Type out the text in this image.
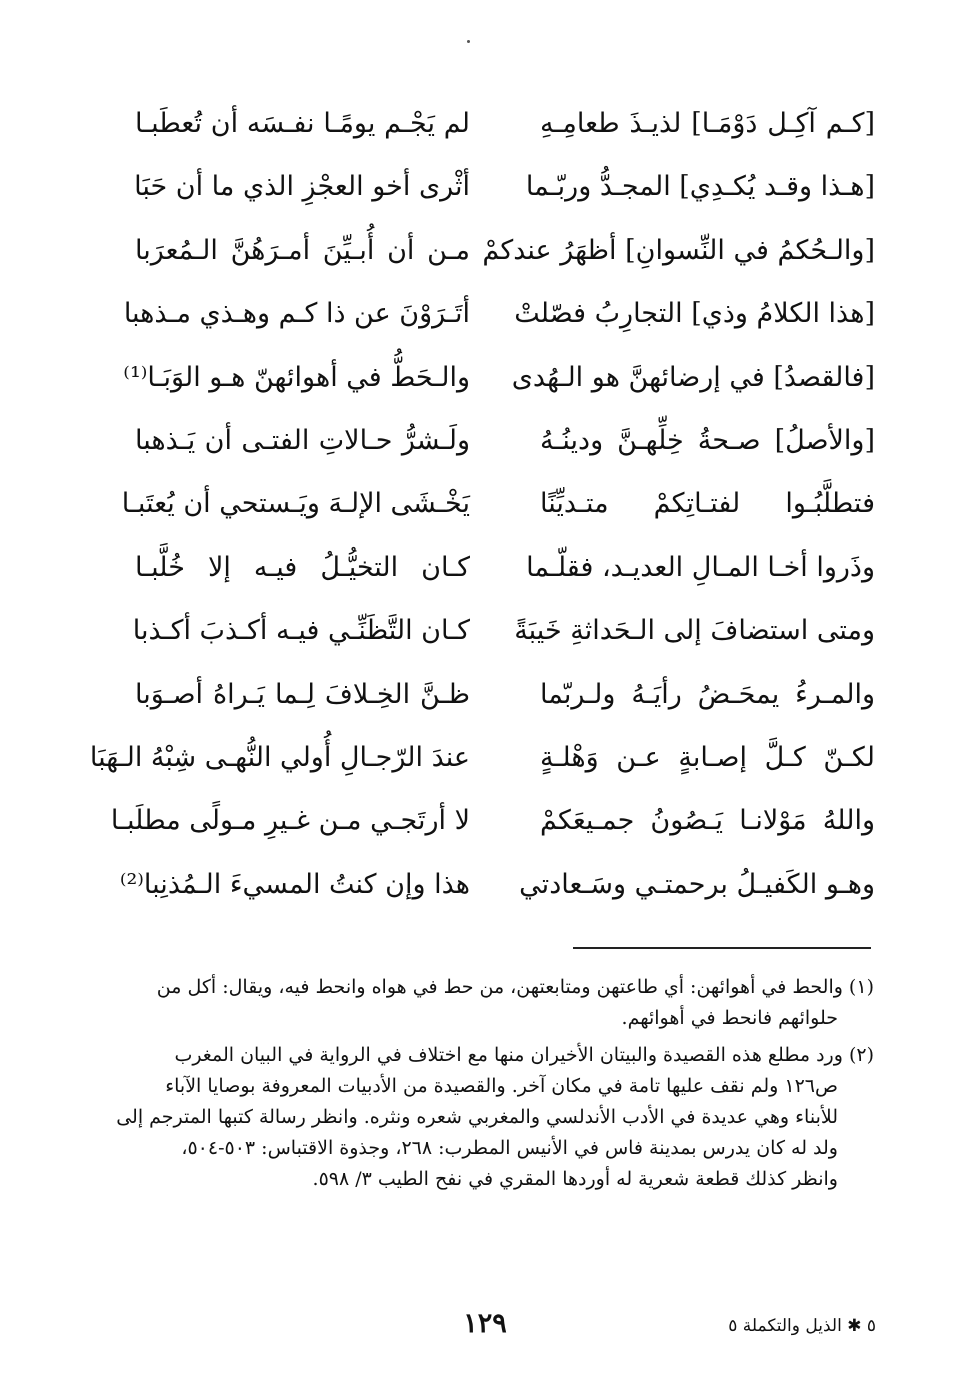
[كـم آكِـل دَوْمَـا] لذيـذَ طعامِـهِ
لم يَجْـم يومًـا نفـسَه أن تُعطَبـا
[هـذا وقـد يُكـدِي] المجـدُّ وربّـما
أثْرى أخو العجْزِ الذي ما أن حَبَا
[والـحُكمُ في النِّسوانِ] أظهَرُ عندكمْ
مـن أن أُبـيِّنَ أمـرَهُنَّ الـمُعرَبا
[هذا الكلامُ وذي] التجارِبُ فصّلتْ
أتَـرَوْنَ عن ذا كـم وهـذي مـذهبا
[فالقصدُ] في إرضائهنَّ هو الـهُدى
والـحَطُّ في أهوائهنّ هـو الوَبَـا⁽¹⁾
[والأصلُ] صـحةُ خِلِّهـنَّ ودينُـهُ
ولَـشرُّ حـالاتِ الفتـى أن يَـذهبا
فتطلَّبُـوا لفتـاتِكمْ متـديِّنًا
يَخْـشَى الإلـهَ ويَـستحي أن يُعتَبـا
وذَروا أخـا المـالِ العديـد، فقلّـما
كـان التخيُّـلُ فيـه إلا خُلَّبـا
ومتى استضافَ إلى الـحَداثةِ خَيبَةً
كـان التَّظَنِّـي فيـه أكـذبَ أكـذبا
والمـرءُ يمحَـضُ رأيَـهُ ولـربّما
ظـنَّ الخِـلافَ لِـما يَـراهُ أصـوَبا
لكـنّ كـلَّ إصـابةٍ عـن وَهْلـةٍ
عندَ الرّجـالِ أُولي النُّهـى شِبْهُ الـهَبَا
واللهُ مَوْلانـا يَـصُونُ جمـيعَكمْ
لا أرتَجـي مـن غـيرِ مـولًى مطلَبـا
وهـو الكَفيـلُ برحمتـي وسَـعادتي
هذا وإن كنتُ المسيءَ الـمُذنِبا⁽²⁾
(١) والحط في أهوائهن: أي طاعتهن ومتابعتهن، من حط في هواه وانحط فيه، ويقال: أكل من
حلوائهم فانحط في أهوائهم.
(٢) ورد مطلع هذه القصيدة والبيتان الأخيران منها مع اختلاف في الرواية في البيان المغرب
ص١٢٦ ولم نقف عليها تامة في مكان آخر. والقصيدة من الأدبيات المعروفة بوصايا الآباء
للأبناء وهي عديدة في الأدب الأندلسي والمغربي شعره ونثره. وانظر رسالة كتبها المترجم إلى
ولد له كان يدرس بمدينة فاس في الأنيس المطرب: ٢٦٨، وجذوة الاقتباس: ٥٠٣-٥٠٤،
وانظر كذلك قطعة شعرية له أوردها المقري في نفح الطيب ٣/ ٥٩٨.
٥ ✱ الذيل والتكملة ٥
١٢٩
